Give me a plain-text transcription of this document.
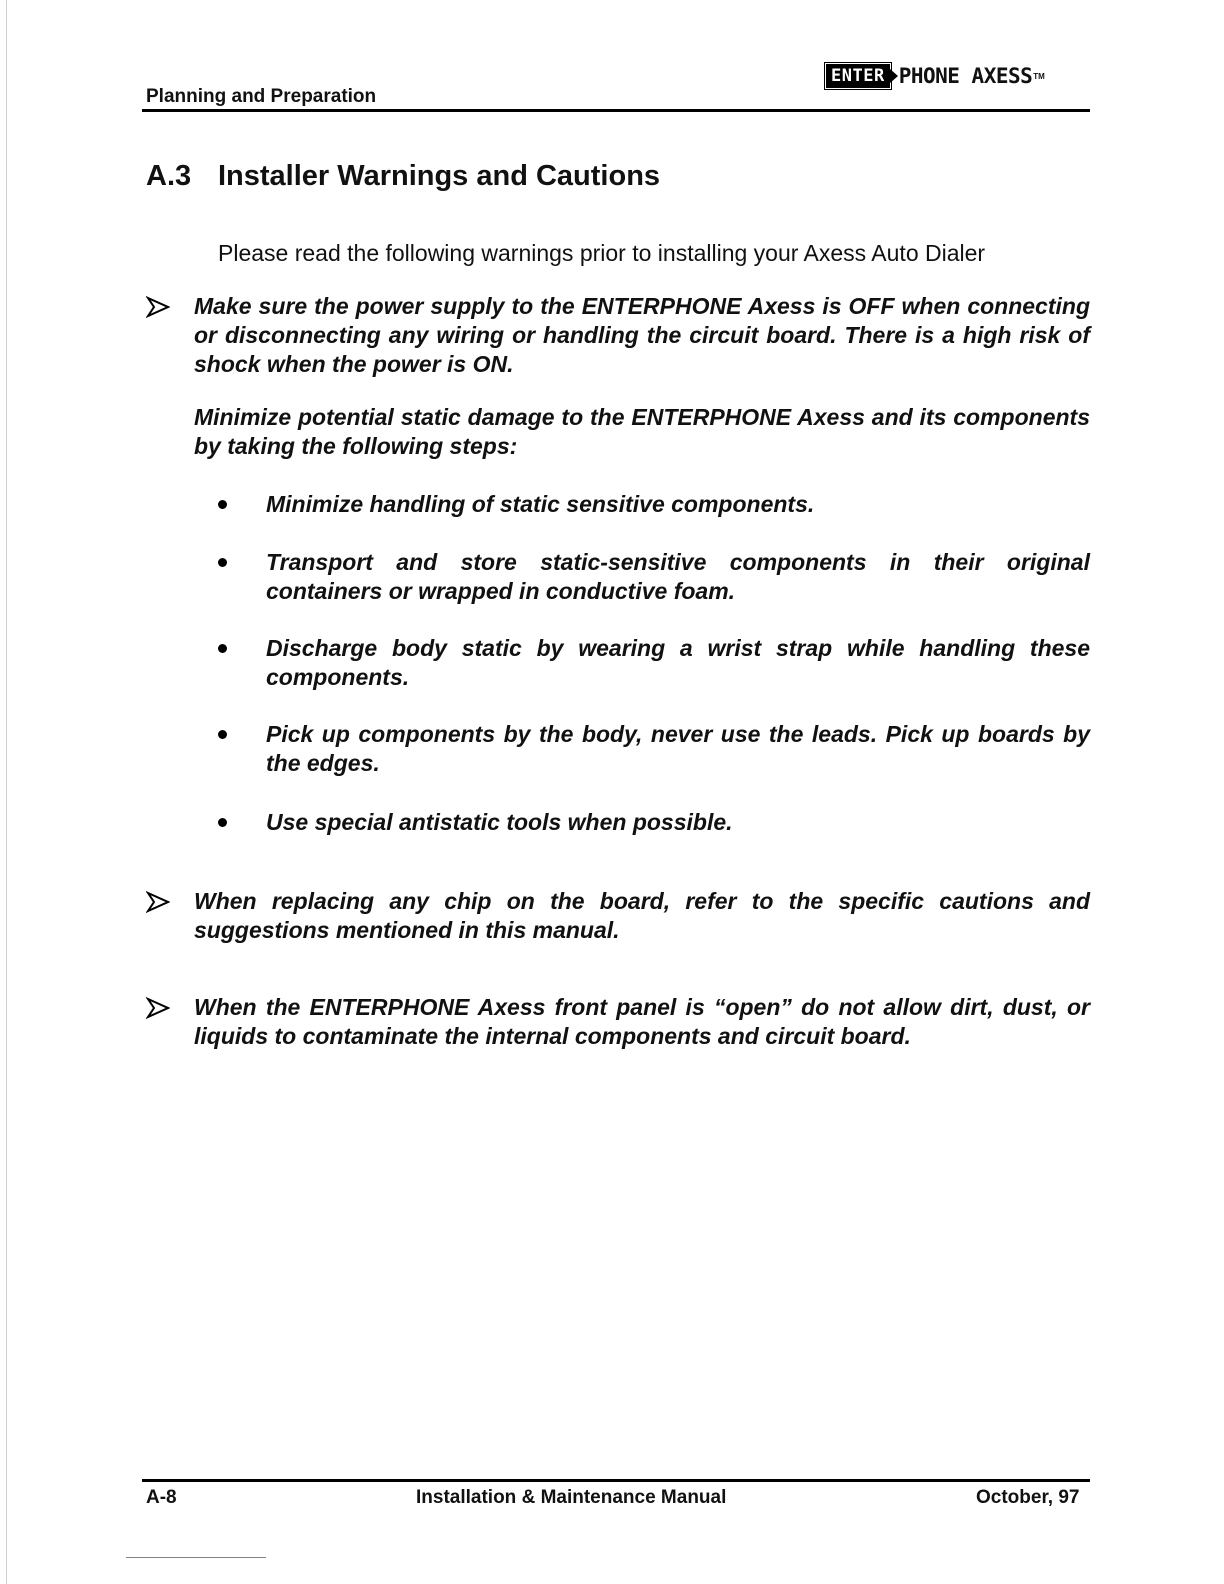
Planning and Preparation
ENTER PHONE AXESS TM
A.3 Installer Warnings and Cautions
Please read the following warnings prior to installing your Axess Auto Dialer
Make sure the power supply to the ENTERPHONE Axess is OFF when connecting or disconnecting any wiring or handling the circuit board. There is a high risk of shock when the power is ON.
Minimize potential static damage to the ENTERPHONE Axess and its components by taking the following steps:
Minimize handling of static sensitive components.
Transport and store static-sensitive components in their original containers or wrapped in conductive foam.
Discharge body static by wearing a wrist strap while handling these components.
Pick up components by the body, never use the leads. Pick up boards by the edges.
Use special antistatic tools when possible.
When replacing any chip on the board, refer to the specific cautions and suggestions mentioned in this manual.
When the ENTERPHONE Axess front panel is “open” do not allow dirt, dust, or liquids to contaminate the internal components and circuit board.
A-8	Installation & Maintenance Manual	October, 97
